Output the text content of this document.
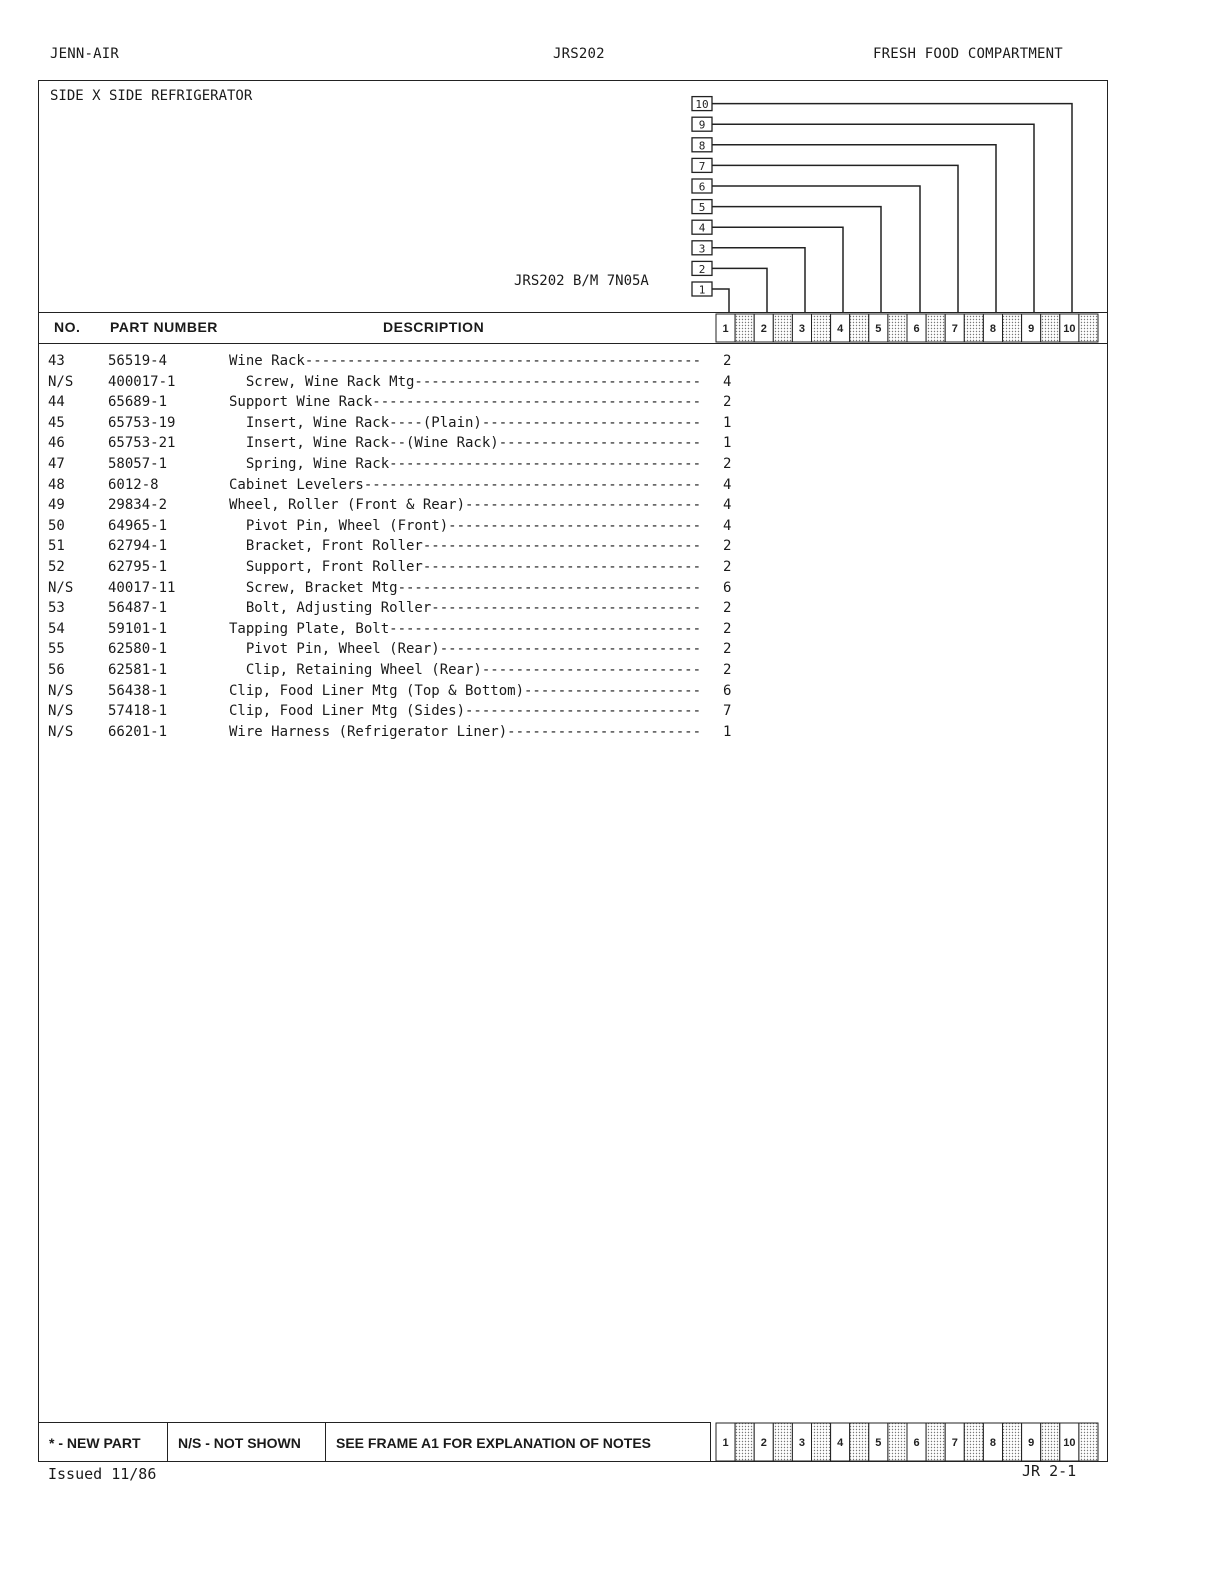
JENN-AIR	JRS202	FRESH FOOD COMPARTMENT
SIDE X SIDE REFRIGERATOR
JRS202 B/M 7N05A
1
2
3
4
5
6
7
8
9
10
1	2	3	4	5	6	7	8	9	10
1	2	3	4	5	6	7	8	9	10
NO. PART NUMBER	DESCRIPTION
43	56519-4	Wine Rack-----------------------------------------------	2
N/S	400017-1	Screw, Wine Rack Mtg----------------------------------	4
44	65689-1	Support Wine Rack---------------------------------------	2
45	65753-19	Insert, Wine Rack----(Plain)--------------------------	1
46	65753-21	Insert, Wine Rack--(Wine Rack)------------------------	1
47	58057-1	Spring, Wine Rack-------------------------------------	2
48	6012-8	Cabinet Levelers----------------------------------------	4
49	29834-2	Wheel, Roller (Front & Rear)----------------------------	4
50	64965-1	Pivot Pin, Wheel (Front)------------------------------	4
51	62794-1	Bracket, Front Roller---------------------------------	2
52	62795-1	Support, Front Roller---------------------------------	2
N/S	40017-11	Screw, Bracket Mtg------------------------------------	6
53	56487-1	Bolt, Adjusting Roller--------------------------------	2
54	59101-1	Tapping Plate, Bolt-------------------------------------	2
55	62580-1	Pivot Pin, Wheel (Rear)-------------------------------	2
56	62581-1	Clip, Retaining Wheel (Rear)--------------------------	2
N/S	56438-1	Clip, Food Liner Mtg (Top & Bottom)---------------------	6
N/S	57418-1	Clip, Food Liner Mtg (Sides)----------------------------	7
N/S	66201-1	Wire Harness (Refrigerator Liner)-----------------------	1
* - NEW PART	N/S - NOT SHOWN	SEE FRAME A1 FOR EXPLANATION OF NOTES
Issued 11/86	JR 2-1
